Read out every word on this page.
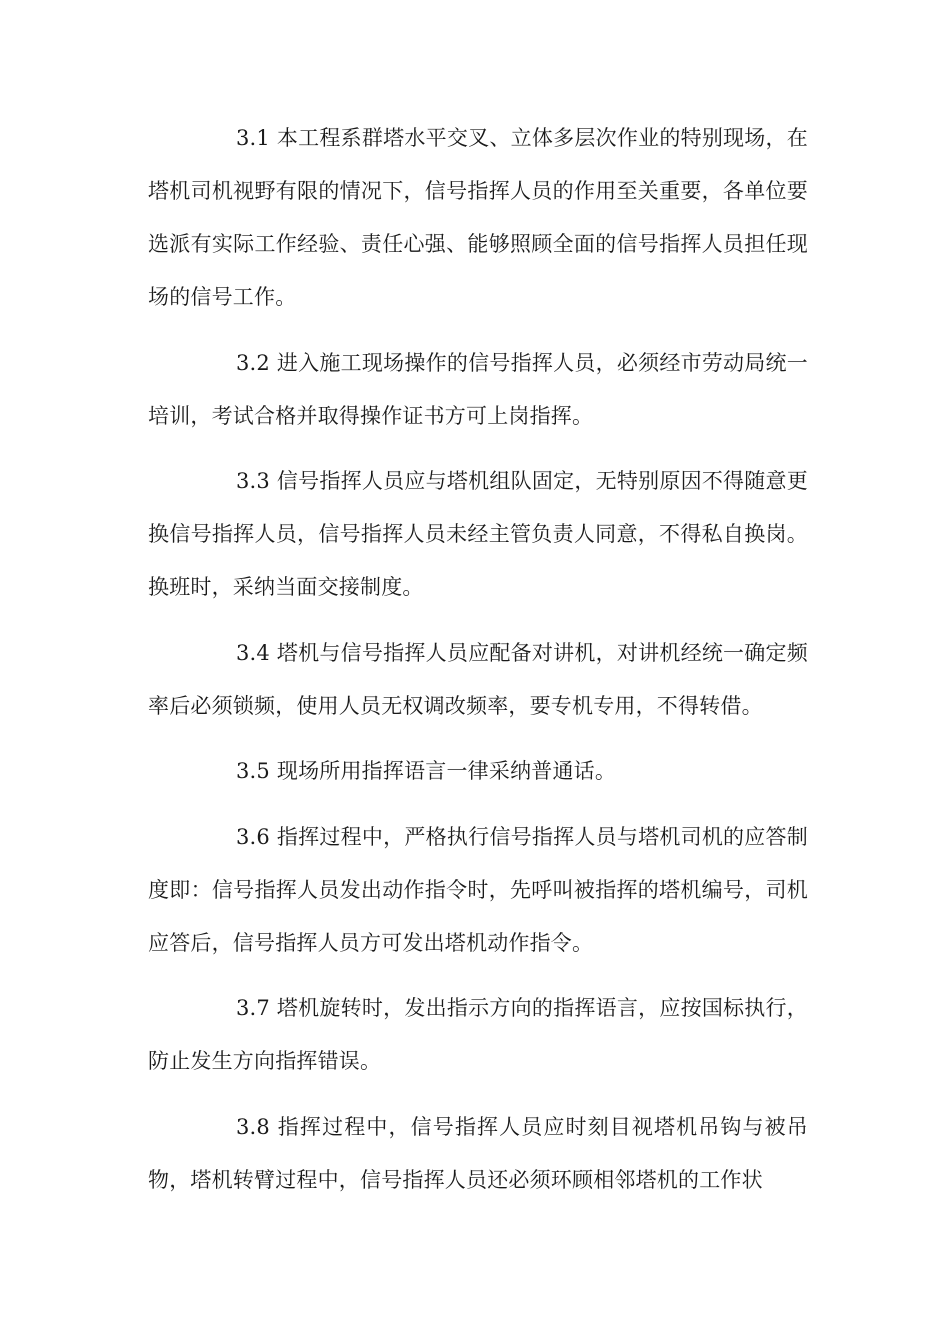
3.1 本工程系群塔水平交叉、立体多层次作业的特别现场，在塔机司机视野有限的情况下，信号指挥人员的作用至关重要，各单位要选派有实际工作经验、责任心强、能够照顾全面的信号指挥人员担任现场的信号工作。

3.2 进入施工现场操作的信号指挥人员，必须经市劳动局统一培训，考试合格并取得操作证书方可上岗指挥。

3.3 信号指挥人员应与塔机组队固定，无特别原因不得随意更换信号指挥人员，信号指挥人员未经主管负责人同意，不得私自换岗。换班时，采纳当面交接制度。

3.4 塔机与信号指挥人员应配备对讲机，对讲机经统一确定频率后必须锁频，使用人员无权调改频率，要专机专用，不得转借。

3.5 现场所用指挥语言一律采纳普通话。

3.6 指挥过程中，严格执行信号指挥人员与塔机司机的应答制度即：信号指挥人员发出动作指令时，先呼叫被指挥的塔机编号，司机应答后，信号指挥人员方可发出塔机动作指令。

3.7 塔机旋转时，发出指示方向的指挥语言，应按国标执行，防止发生方向指挥错误。

3.8 指挥过程中，信号指挥人员应时刻目视塔机吊钩与被吊物，塔机转臂过程中，信号指挥人员还必须环顾相邻塔机的工作状
